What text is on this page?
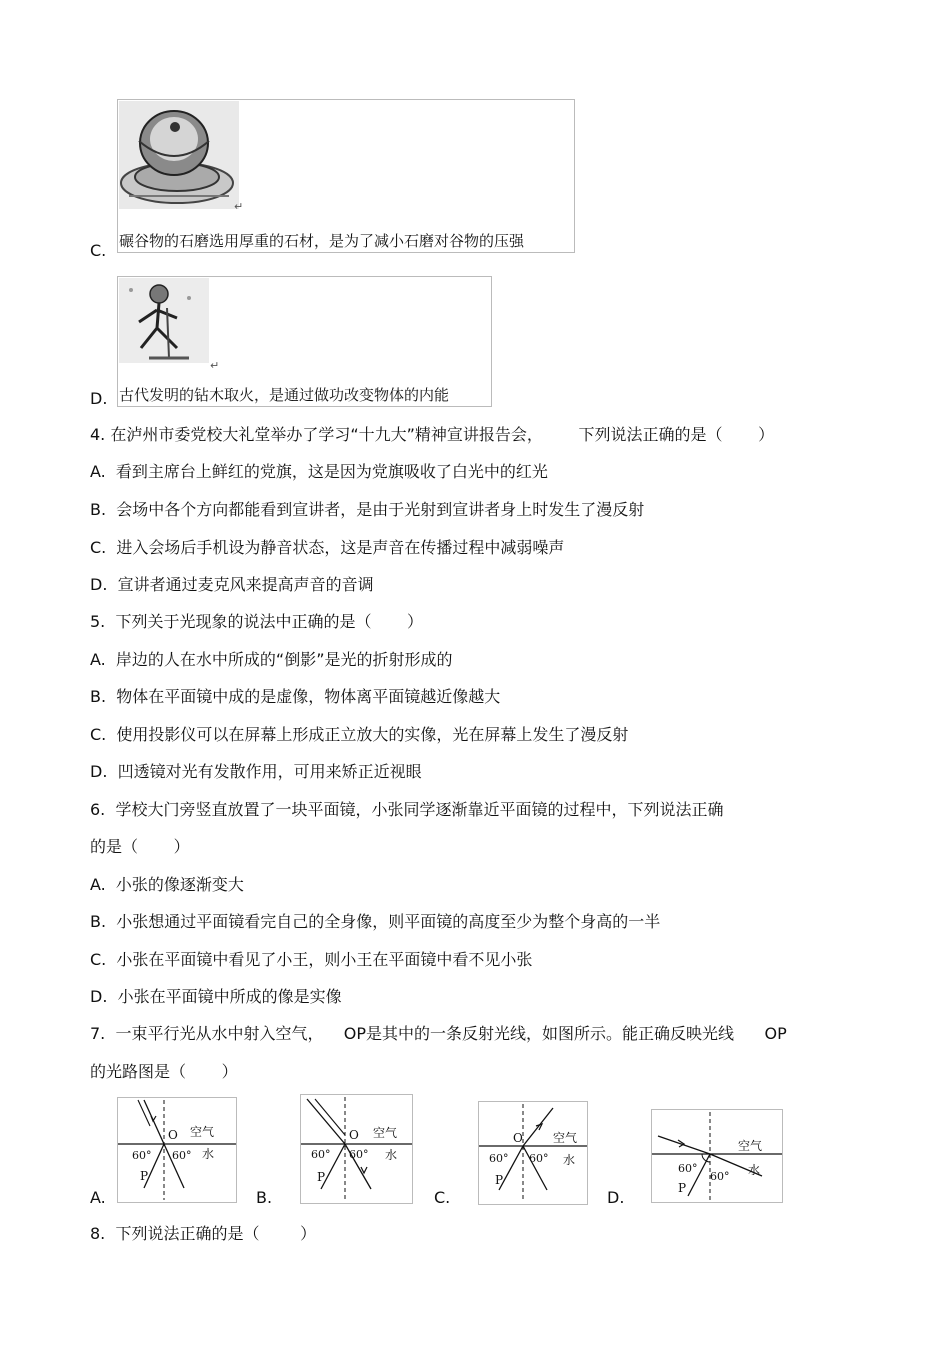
C.
↵
碾谷物的石磨选用厚重的石材，是为了减小石磨对谷物的压强
D.
↵
古代发明的钻木取火，是通过做功改变物体的内能
4. 在泸州市委党校大礼堂举办了学习“十九大”精神宣讲报告会，       下列说法正确的是（       ）
A.  看到主席台上鲜红的党旗，这是因为党旗吸收了白光中的红光
B.  会场中各个方向都能看到宣讲者，是由于光射到宣讲者身上时发生了漫反射
C.  进入会场后手机设为静音状态，这是声音在传播过程中减弱噪声
D.  宣讲者通过麦克风来提高声音的音调
5.  下列关于光现象的说法中正确的是（       ）
A.  岸边的人在水中所成的“倒影”是光的折射形成的
B.  物体在平面镜中成的是虚像，物体离平面镜越近像越大
C.  使用投影仪可以在屏幕上形成正立放大的实像，光在屏幕上发生了漫反射
D.  凹透镜对光有发散作用，可用来矫正近视眼
6.  学校大门旁竖直放置了一块平面镜，小张同学逐渐靠近平面镜的过程中，下列说法正确
的是（       ）
A.  小张的像逐渐变大
B.  小张想通过平面镜看完自己的全身像，则平面镜的高度至少为整个身高的一半
C.  小张在平面镜中看见了小王，则小王在平面镜中看不见小张
D.  小张在平面镜中所成的像是实像
7.  一束平行光从水中射入空气，    OP是其中的一条反射光线，如图所示。能正确反映光线      OP
的光路图是（       ）
A.
O 空气
水
60° 60°
P
B.
O 空气
水
60° 60°
P
C.
O	空气
水
60° 60°
P
D.
空气
水
60°
60°
P
8.  下列说法正确的是（        ）
